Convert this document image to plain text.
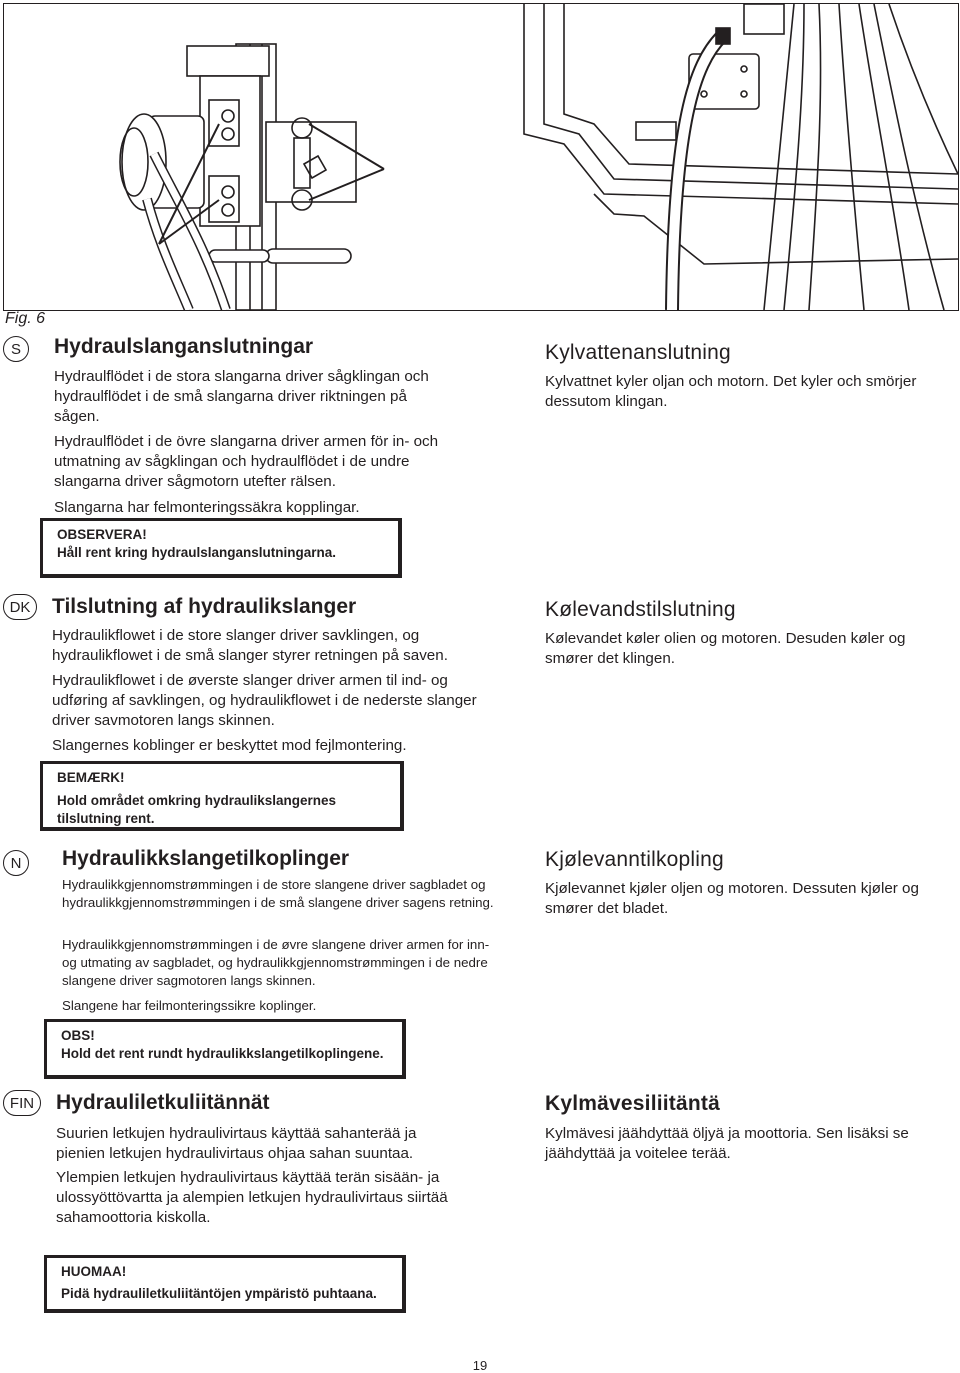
Fig. 6
S	Hydraulslanganslutningar

Hydraulflödet i de stora slangarna driver sågklingan och hydraulflödet i de små slangarna driver riktningen på sågen.

Hydraulflödet i de övre slangarna driver armen för in- och utmatning av sågklingan och hydraulflödet i de undre slangarna driver sågmotorn utefter rälsen.

Slangarna har felmonteringssäkra kopplingar.

OBSERVERA!
Håll rent kring hydraulslanganslutningarna.
Kylvattenanslutning

Kylvattnet kyler oljan och motorn. Det kyler och smörjer dessutom klingan.

DK	Tilslutning af hydraulikslanger

Hydraulikflowet i de store slanger driver savklingen, og hydraulikflowet i de små slanger styrer retningen på saven.

Hydraulikflowet i de øverste slanger driver armen til ind- og udføring af savklingen, og hydraulikflowet i de nederste slanger driver savmotoren langs skinnen.

Slangernes koblinger er beskyttet mod fejlmontering.

BEMÆRK!
Hold området omkring hydraulikslangernes tilslutning rent.
Kølevandstilslutning

Kølevandet køler olien og motoren. Desuden køler og smører det klingen.

N	Hydraulikkslangetilkoplinger

Hydraulikkgjennomstrømmingen i de store slangene driver sagbladet og hydraulikkgjennomstrømmingen i de små slangene driver sagens retning.

Hydraulikkgjennomstrømmingen i de øvre slangene driver armen for inn- og utmating av sagbladet, og hydraulikkgjennomstrømmingen i de nedre slangene driver sagmotoren langs skinnen.

Slangene har feilmonteringssikre koplinger.

OBS!
Hold det rent rundt hydraulikkslangetilkoplingene.
Kjølevanntilkopling

Kjølevannet kjøler oljen og motoren. Dessuten kjøler og smører det bladet.

FIN	Hydrauliletkuliitännät

Suurien letkujen hydraulivirtaus käyttää sahanterää ja pienien letkujen hydraulivirtaus ohjaa sahan suuntaa.

Ylempien letkujen hydraulivirtaus käyttää terän sisään- ja ulossyöttövartta ja alempien letkujen hydraulivirtaus siirtää sahamoottoria kiskolla.

HUOMAA!
Pidä hydrauliletkuliitäntöjen ympäristö puhtaana.
Kylmävesiliitäntä

Kylmävesi jäähdyttää öljyä ja moottoria. Sen lisäksi se jäähdyttää ja voitelee terää.

19
